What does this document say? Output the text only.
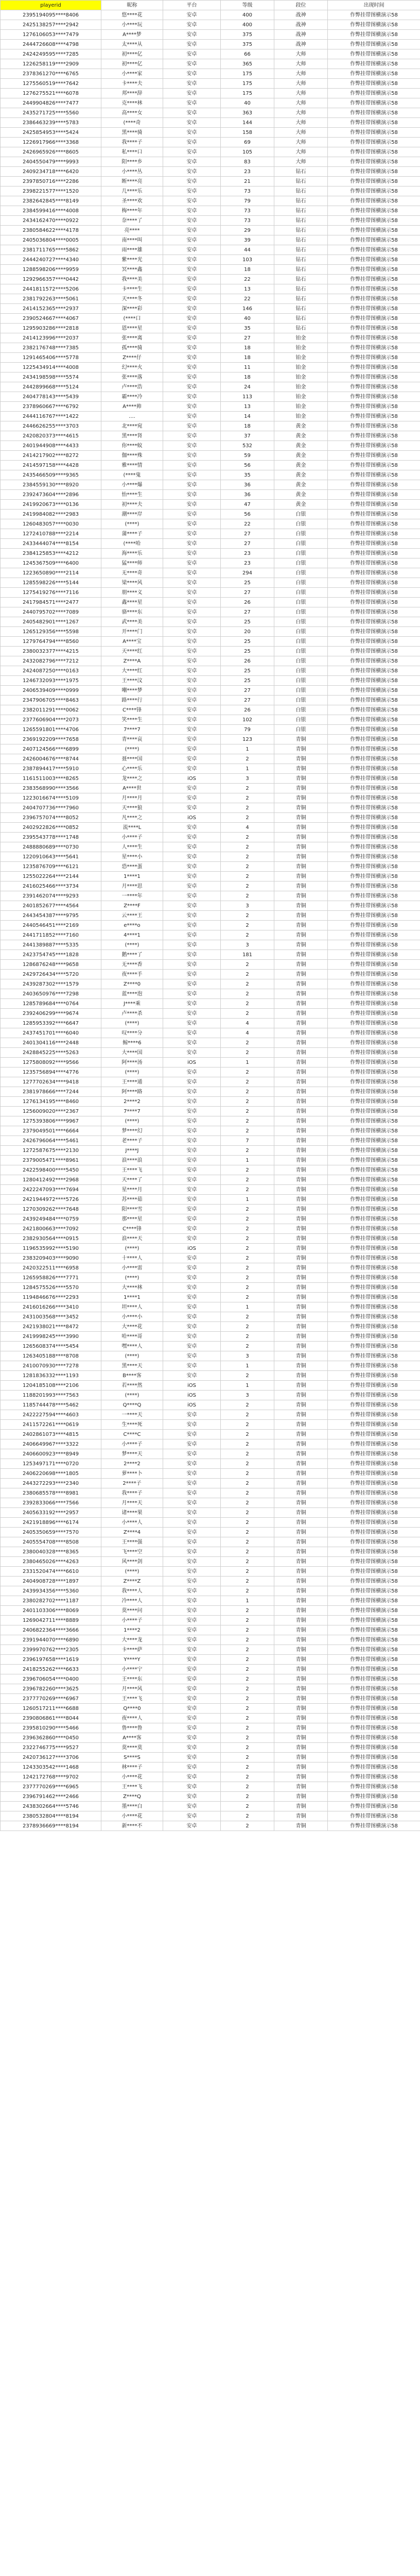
playerid	昵称	平台	等级	段位	出现时间
2395194095****8406	悠****花	安卓	400	战神	作弊挂带图横演示58
2425138257****2942	小****玩	安卓	400	战神	作弊挂带图横演示58
1276106053****7479	A****梦	安卓	375	战神	作弊挂带图横演示58
2444726608****4798	太****从	安卓	375	战神	作弊挂带图横演示58
2424249595****7285	初****亿	安卓	66	大师	作弊挂带图横演示58
1226258119****2909	初****亿	安卓	365	大师	作弊挂带图横演示58
2378361270****6765	小****家	安卓	175	大师	作弊挂带图横演示58
1275560519****7642	卡****夫	安卓	175	大师	作弊挂带图横演示58
1276275521****6078	邦****辞	安卓	175	大师	作弊挂带图横演示58
2449904826****7477	克****林	安卓	40	大师	作弊挂带图横演示58
2435271725****5560	高****女	安卓	363	大师	作弊挂带图横演示58
2386463239****5783	(****奇	安卓	144	大师	作弊挂带图横演示58
2425854953****5424	黑****骑	安卓	158	大师	作弊挂带图横演示58
1226917966****3368	我****子	安卓	69	大师	作弊挂带图横演示58
2426965926****8605	私****口	安卓	105	大师	作弊挂带图横演示58
2404550479****9993	阳****乡	安卓	83	大师	作弊挂带图横演示58
2409234718****6420	小****丛	安卓	23	钻石	作弊挂带图横演示58
2397850716****2286	断****亮	安卓	21	钻石	作弊挂带图横演示58
2398221577****1520	几****乐	安卓	73	钻石	作弊挂带图横演示58
2382642845****8149	圣****欢	安卓	79	钻石	作弊挂带图横演示58
2384599416****4008	梅****年	安卓	73	钻石	作弊挂带图横演示58
2434162470****0922	奈****了	安卓	73	钻石	作弊挂带图横演示58
2380584622****4178	亮****	安卓	29	钻石	作弊挂带图横演示58
2405036804****0005	南****叫	安卓	39	钻石	作弊挂带图横演示58
2381711765****5862	雨****雄	安卓	44	钻石	作弊挂带图横演示58
2444240727****4340	紫****光	安卓	103	钻石	作弊挂带图横演示58
1288598206****9959	冥****鑫	安卓	18	钻石	作弊挂带图横演示58
1292966357****0442	我****美	安卓	22	钻石	作弊挂带图横演示58
2441811572****5206	卡****生	安卓	13	钻石	作弊挂带图横演示58
2381792263****5061	天****冬	安卓	22	钻石	作弊挂带图横演示58
2414152365****2937	深****彩	安卓	146	钻石	作弊挂带图横演示58
2390524667****4067	(****口	安卓	40	钻石	作弊挂带图横演示58
1295903286****2818	恩****星	安卓	35	钻石	作弊挂带图横演示58
2414123996****2037	张****离	安卓	27	铂金	作弊挂带图横演示58
2382176748****7385	孤****骑	安卓	18	铂金	作弊挂带图横演示58
1291465406****5778	Z****仔	安卓	18	铂金	作弊挂带图横演示58
1225434914****4008	幻****火	安卓	11	铂金	作弊挂带图横演示58
2434198598****5574	张****落	安卓	18	铂金	作弊挂带图横演示58
2442899668****5124	卢****浩	安卓	24	铂金	作弊挂带图横演示58
2404778143****5439	霸****冷	安卓	113	铂金	作弊挂带图横演示58
2378960667****6792	A****帅	安卓	13	铂金	作弊挂带图横演示58
2444116767****1422	....	安卓	14	铂金	作弊挂带图横演示58
2446626255****3703	北****宛	安卓	18	黄金	作弊挂带图横演示58
2420820373****4615	黑****肾	安卓	37	黄金	作弊挂带图横演示58
2401944908****4433	你****蚊	安卓	532	黄金	作弊挂带图横演示58
2414217902****8272	伽****殊	安卓	59	黄金	作弊挂带图横演示58
2414597158****4428	雅****情	安卓	56	黄金	作弊挂带图横演示58
2435466509****9365	(****鬼	安卓	35	黄金	作弊挂带图横演示58
2384559130****8920	小****爆	安卓	36	黄金	作弊挂带图横演示58
2392473604****2896	怡****生	安卓	36	黄金	作弊挂带图横演示58
2419920673****0136	初****夫	安卓	47	黄金	作弊挂带图横演示58
2419984082****2983	潮****岸	安卓	56	白银	作弊挂带图横演示58
1260483057****0030	(****)	安卓	22	白银	作弊挂带图横演示58
1272410788****2214	蒲****子	安卓	27	白银	作弊挂带图横演示58
2433444074****8154	(****哈	安卓	27	白银	作弊挂带图横演示58
2384125853****4212	海****乐	安卓	23	白银	作弊挂带图横演示58
1245367509****6400	猛****师	安卓	23	白银	作弊挂带图横演示58
1223650890****2114	无****奇	安卓	294	白银	作弊挂带图横演示58
1285598226****5144	梁****风	安卓	25	白银	作弊挂带图横演示58
1275419276****7116	朋****义	安卓	27	白银	作弊挂带图横演示58
2417984571****2477	鑫****星	安卓	26	白银	作弊挂带图横演示58
2440795702****7089	骆****东	安卓	27	白银	作弊挂带图横演示58
2405482901****1267	武****美	安卓	25	白银	作弊挂带图横演示58
1265129356****5598	开****门	安卓	20	白银	作弊挂带图横演示58
1279764794****8560	A****宝	安卓	25	白银	作弊挂带图横演示58
2380032377****4215	天****红	安卓	25	白银	作弊挂带图横演示58
2432082796****7212	Z****A	安卓	26	白银	作弊挂带图横演示58
2424087250****0163	大****红	安卓	25	白银	作弊挂带图横演示58
1246732093****1975	王****汶	安卓	25	白银	作弊挂带图横演示58
2406539409****0999	嘲****梦	安卓	27	白银	作弊挂带图横演示58
2347906705****8463	路****行	安卓	27	白银	作弊挂带图横演示58
2382011291****0062	C****锋	安卓	26	白银	作弊挂带图横演示58
2377606904****2073	笑****生	安卓	102	白银	作弊挂带图横演示58
1265591801****4706	7****7	安卓	79	白银	作弊挂带图横演示58
2369192209****7658	青****哀	安卓	123	青铜	作弊挂带图横演示58
2407124566****6899	(****)	安卓	1	青铜	作弊挂带图横演示58
2426004676****8744	聂****国	安卓	2	青铜	作弊挂带图横演示58
2387894417****5910	心****乐	安卓	1	青铜	作弊挂带图横演示58
1161511003****8265	龙****之	iOS	3	青铜	作弊挂带图横演示58
2383568990****3566	A****世	安卓	2	青铜	作弊挂带图横演示58
1223016674****5109	月****月	安卓	2	青铜	作弊挂带图横演示58
2404707736****7960	天****狼	安卓	2	青铜	作弊挂带图横演示58
2396757074****8052	凡****之	iOS	2	青铜	作弊挂带图横演示58
2402922826****0852	流****L	安卓	4	青铜	作弊挂带图横演示58
2395543778****1748	小****子	安卓	2	青铜	作弊挂带图横演示58
2488880689****0730	人****生	安卓	2	青铜	作弊挂带图横演示58
1220910643****5641	星****小	安卓	2	青铜	作弊挂带图横演示58
1235876709****6121	恐****蛋	安卓	2	青铜	作弊挂带图横演示58
1255022264****2144	1****1	安卓	2	青铜	作弊挂带图横演示58
2416025466****3734	月****思	安卓	2	青铜	作弊挂带图横演示58
2391462074****9293	一****年	安卓	2	青铜	作弊挂带图横演示58
2401852677****4564	Z****F	安卓	3	青铜	作弊挂带图横演示58
2443454387****9795	云****王	安卓	2	青铜	作弊挂带图横演示58
2440546451****2169	e****o	安卓	2	青铜	作弊挂带图横演示58
2441711852****7160	4****1	安卓	2	青铜	作弊挂带图横演示58
2441389887****5335	(****)	安卓	3	青铜	作弊挂带图横演示58
2423754745****1828	鹅****了	安卓	181	青铜	作弊挂带图横演示58
1286876248****9658	无****香	安卓	2	青铜	作弊挂带图横演示58
2429726434****5720	夜****手	安卓	2	青铜	作弊挂带图横演示58
2439287302****1579	Z****0	安卓	2	青铜	作弊挂带图横演示58
2403650976****7298	蓝****泡	安卓	2	青铜	作弊挂带图横演示58
1285789684****0764	J****乘	安卓	2	青铜	作弊挂带图横演示58
2392406299****9674	卢****杀	安卓	2	青铜	作弊挂带图横演示58
1285953392****6647	(****)	安卓	4	青铜	作弊挂带图横演示58
2437451701****6040	叹****分	安卓	4	青铜	作弊挂带图横演示58
2401304116****2448	鲸****6	安卓	2	青铜	作弊挂带图横演示58
2428845225****5263	大****国	安卓	2	青铜	作弊挂带图横演示58
1275808092****9566	阿****汤	iOS	1	青铜	作弊挂带图横演示58
1235756894****4776	(****)	安卓	2	青铜	作弊挂带图横演示58
1277702634****9418	王****通	安卓	2	青铜	作弊挂带图横演示58
2381978666****7244	阿****路	安卓	2	青铜	作弊挂带图横演示58
1276134195****8460	2****2	安卓	2	青铜	作弊挂带图横演示58
1256009020****2367	7****7	安卓	2	青铜	作弊挂带图横演示58
1275393806****9967	(****)	安卓	2	青铜	作弊挂带图横演示58
2379049501****6664	梦****幻	安卓	2	青铜	作弊挂带图横演示58
2426796064****5461	老****子	安卓	7	青铜	作弊挂带图横演示58
1272587675****2130	J****J	安卓	2	青铜	作弊挂带图横演示58
2379005471****8961	浪****浪	安卓	1	青铜	作弊挂带图横演示58
2422598400****5450	王****飞	安卓	2	青铜	作弊挂带图横演示58
1280412492****2968	天****了	安卓	2	青铜	作弊挂带图横演示58
2422247093****7694	星****月	安卓	2	青铜	作弊挂带图横演示58
2421944972****5726	苏****茹	安卓	1	青铜	作弊挂带图横演示58
1270309262****7648	阳****雪	安卓	2	青铜	作弊挂带图横演示58
2439249484****0759	那****星	安卓	2	青铜	作弊挂带图横演示58
2421800663****7092	C****锋	安卓	2	青铜	作弊挂带图横演示58
2382930564****0915	浪****天	安卓	2	青铜	作弊挂带图横演示58
1196535992****5190	(****)	iOS	2	青铜	作弊挂带图横演示58
2383209403****9090	十****人	安卓	2	青铜	作弊挂带图横演示58
2420322511****6958	小****雷	安卓	2	青铜	作弊挂带图横演示58
1265958826****7771	(****)	安卓	2	青铜	作弊挂带图横演示58
1284575526****5570	大****林	安卓	2	青铜	作弊挂带图横演示58
1194846676****2293	1****1	安卓	2	青铜	作弊挂带图横演示58
2416016266****3410	坦****人	安卓	1	青铜	作弊挂带图横演示58
2431003568****3452	小****小	安卓	2	青铜	作弊挂带图横演示58
2421938021****8472	大****花	安卓	2	青铜	作弊挂带图横演示58
2419998245****3990	哈****哥	安卓	2	青铜	作弊挂带图横演示58
1265608374****5454	嘿****人	安卓	2	青铜	作弊挂带图横演示58
1263405188****8708	(****)	安卓	3	青铜	作弊挂带图横演示58
2410070930****7278	黑****天	安卓	1	青铜	作弊挂带图横演示58
1281836332****1193	B****客	安卓	2	青铜	作弊挂带图横演示58
1204185108****2106	若****然	iOS	1	青铜	作弊挂带图横演示58
1188201993****7563	(****)	iOS	3	青铜	作弊挂带图横演示58
1185744478****5462	Q****Q	iOS	2	青铜	作弊挂带图横演示58
2422227594****4603	一****天	安卓	2	青铜	作弊挂带图横演示58
2411572261****0619	生****死	安卓	2	青铜	作弊挂带图横演示58
2402861073****4815	C****C	安卓	2	青铜	作弊挂带图横演示58
2406649967****3322	小****子	安卓	2	青铜	作弊挂带图横演示58
2406600923****8949	梦****天	安卓	2	青铜	作弊挂带图横演示58
1253497171****0720	2****2	安卓	2	青铜	作弊挂带图横演示58
2406220698****1805	萝****卜	安卓	2	青铜	作弊挂带图横演示58
2443272293****2340	2****子	安卓	2	青铜	作弊挂带图横演示58
2380685578****8981	我****子	安卓	2	青铜	作弊挂带图横演示58
2392833066****7566	月****天	安卓	2	青铜	作弊挂带图横演示58
2405633192****2957	诸****果	安卓	2	青铜	作弊挂带图横演示58
2421918896****6174	小****人	安卓	2	青铜	作弊挂带图横演示58
2405350659****7570	Z****4	安卓	2	青铜	作弊挂带图横演示58
2405554708****8508	王****强	安卓	2	青铜	作弊挂带图横演示58
2380040328****8365	飞****空	安卓	2	青铜	作弊挂带图横演示58
2380465026****4263	风****剑	安卓	2	青铜	作弊挂带图横演示58
2331520474****6610	(****)	安卓	2	青铜	作弊挂带图横演示58
2404908728****1897	Z****Z	安卓	2	青铜	作弊挂带图横演示58
2439934356****5360	我****人	安卓	2	青铜	作弊挂带图横演示58
2380282702****1187	冷****人	安卓	1	青铜	作弊挂带图横演示58
2401103306****8069	莫****问	安卓	2	青铜	作弊挂带图横演示58
1269042711****8889	小****子	安卓	2	青铜	作弊挂带图横演示58
2406822364****3666	1****2	安卓	2	青铜	作弊挂带图横演示58
2391944070****6890	大****龙	安卓	2	青铜	作弊挂带图横演示58
2399970762****2305	卡****萨	安卓	2	青铜	作弊挂带图横演示58
2396197658****1619	Y****Y	安卓	2	青铜	作弊挂带图横演示58
2418255262****6633	小****宁	安卓	2	青铜	作弊挂带图横演示58
2396706054****0400	王****东	安卓	2	青铜	作弊挂带图横演示58
2396782260****3625	月****风	安卓	2	青铜	作弊挂带图横演示58
2377770269****6967	王****飞	安卓	2	青铜	作弊挂带图横演示58
1260517211****6688	Q****0	安卓	2	青铜	作弊挂带图横演示58
2390806861****8044	夜****人	安卓	2	青铜	作弊挂带图横演示58
2395810290****5466	鲁****鲁	安卓	2	青铜	作弊挂带图横演示58
2396362860****0450	A****客	安卓	2	青铜	作弊挂带图横演示58
2322746775****9527	莫****莫	安卓	2	青铜	作弊挂带图横演示58
2420736127****3706	S****S	安卓	2	青铜	作弊挂带图横演示58
1243303542****1468	林****子	安卓	2	青铜	作弊挂带图横演示58
1242172768****9702	小****花	安卓	2	青铜	作弊挂带图横演示58
2377770269****6965	王****飞	安卓	2	青铜	作弊挂带图横演示58
2396791462****2466	Z****Q	安卓	2	青铜	作弊挂带图横演示58
2438302664****5746	墨****白	安卓	2	青铜	作弊挂带图横演示58
2380532804****8194	小****花	安卓	2	青铜	作弊挂带图横演示58
2378936669****8194	新****不	安卓	2	青铜	作弊挂带图横演示58
